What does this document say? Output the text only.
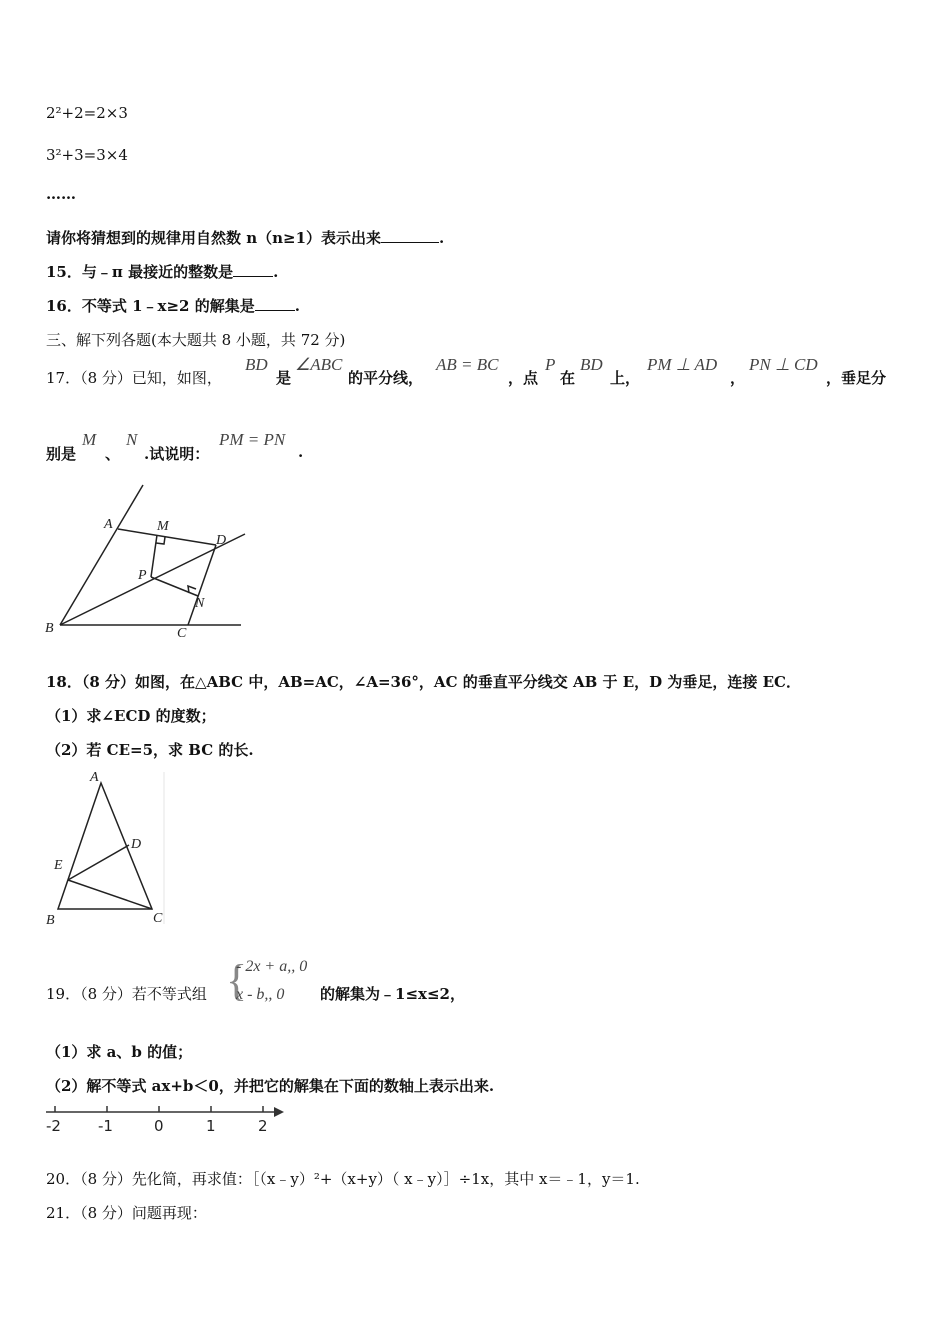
2²+2=2×3
3²+3=3×4
……
请你将猜想到的规律用自然数 n（n≥1）表示出来	.
15．与﹣π 最接近的整数是	.
16．不等式 1﹣x≥2 的解集是	.
三、解下列各题(本大题共 8 小题，共 72 分)
17．（8 分）已知，如图，
BD
是
∠ABC
的平分线，
AB = BC
，点
P
在
BD
上，
PM ⊥ AD
，
PN ⊥ CD
，垂足分
别是
M
、
N
.试说明：
PM = PN
.
A	M
D
P
N
B	C
18．（8 分）如图，在△ABC 中，AB=AC，∠A=36°，AC 的垂直平分线交 AB 于 E，D 为垂足，连接 EC．
（1）求∠ECD 的度数；
（2）若 CE=5，求 BC 的长.
A
D
E
B	C
19．（8 分）若不等式组 {
- 2x + a,, 0
x - b,, 0 的解集为﹣1≤x≤2，
（1）求 a、b 的值；
（2）解不等式 ax+b＜0，并把它的解集在下面的数轴上表示出来.
-2 -1	0	1	2
20．（8 分）先化简，再求值：［（x﹣y）²+（x+y）（ x﹣y）］÷1x，其中 x＝﹣1，y＝1.
21．（8 分）问题再现：
